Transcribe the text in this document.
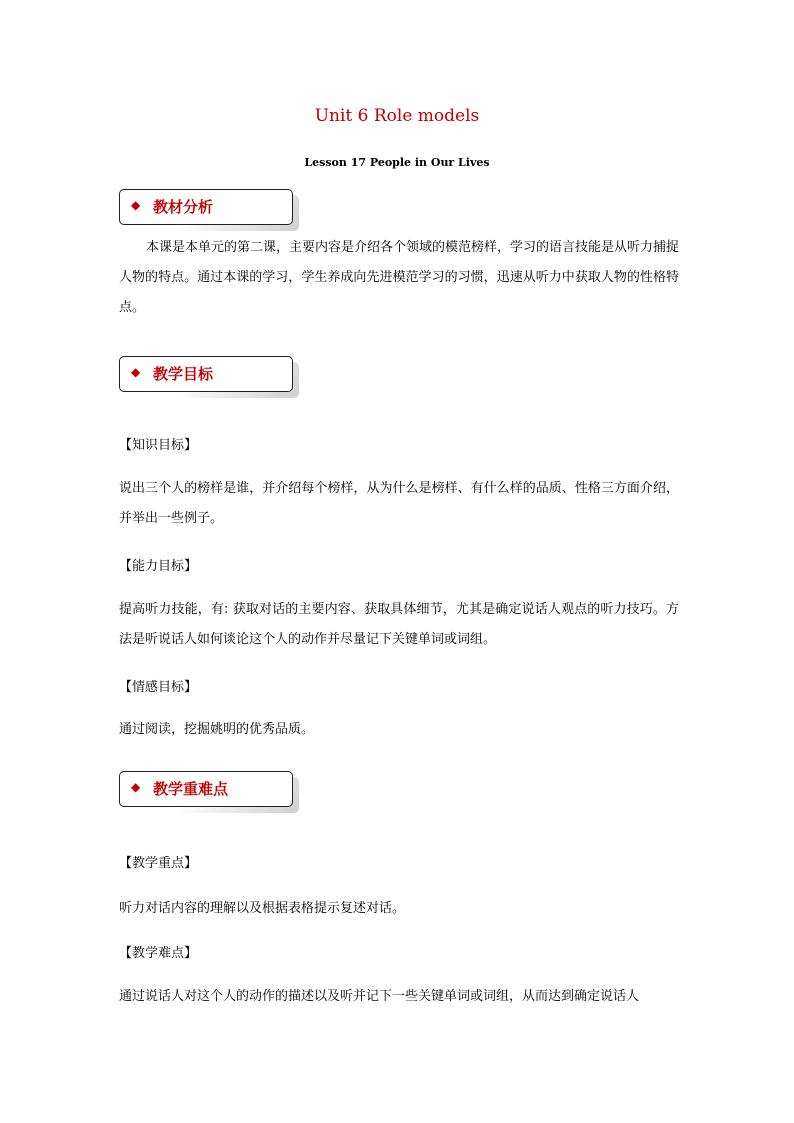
Unit 6 Role models
Lesson 17 People in Our Lives
◆ 教材分析
本课是本单元的第二课，主要内容是介绍各个领域的模范榜样，学习的语言技能是从听力捕捉人物的特点。通过本课的学习，学生养成向先进模范学习的习惯，迅速从听力中获取人物的性格特点。
◆ 教学目标
【知识目标】
说出三个人的榜样是谁，并介绍每个榜样，从为什么是榜样、有什么样的品质、性格三方面介绍，并举出一些例子。
【能力目标】
提高听力技能，有: 获取对话的主要内容、获取具体细节，尤其是确定说话人观点的听力技巧。方法是听说话人如何谈论这个人的动作并尽量记下关键单词或词组。
【情感目标】
通过阅读，挖掘姚明的优秀品质。
◆ 教学重难点
【教学重点】
听力对话内容的理解以及根据表格提示复述对话。
【教学难点】
通过说话人对这个人的动作的描述以及听并记下一些关键单词或词组，从而达到确定说话人
